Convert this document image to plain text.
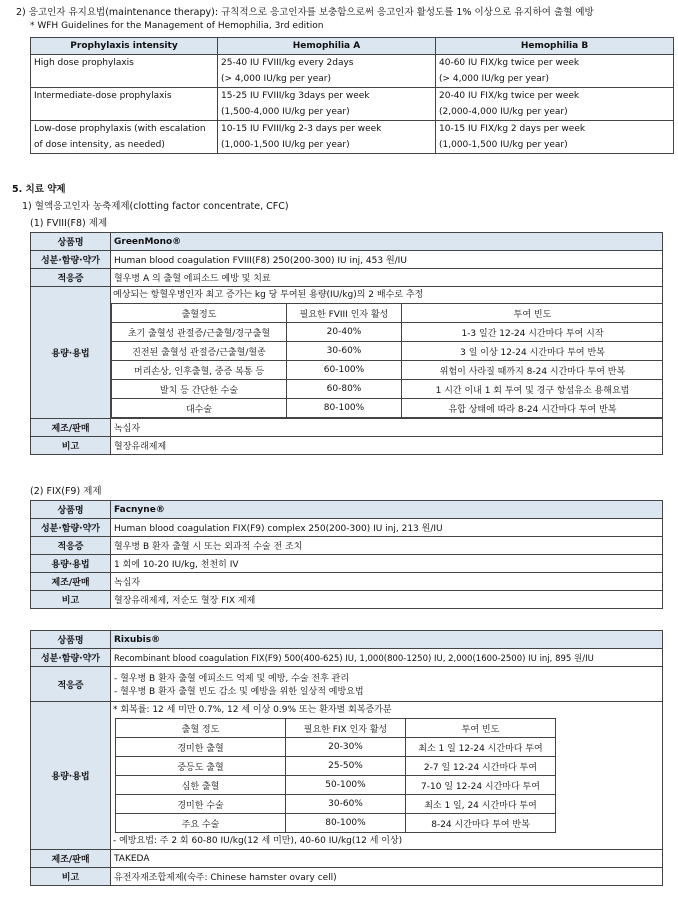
2) 응고인자 유지요법(maintenance therapy): 규칙적으로 응고인자를 보충함으로써 응고인자 활성도를 1% 이상으로 유지하여 출혈 예방
* WFH Guidelines for the Management of Hemophilia, 3rd edition
Prophylaxis intensity	Hemophilia A	Hemophilia B
High dose prophylaxis	25-40 IU FVIII/kg every 2days	40-60 IU FIX/kg twice per week
	(> 4,000 IU/kg per year)	(> 4,000 IU/kg per year)
Intermediate-dose prophylaxis	15-25 IU FVIII/kg 3days per week	20-40 IU FIX/kg twice per week
	(1,500-4,000 IU/kg per year)	(2,000-4,000 IU/kg per year)
Low-dose prophylaxis (with escalation	10-15 IU FVIII/kg 2-3 days per week	10-15 IU FIX/kg 2 days per week
of dose intensity, as needed)	(1,000-1,500 IU/kg per year)	(1,000-1,500 IU/kg per year)
5. 치료 약제
1) 혈액응고인자 농축제제(clotting factor concentrate, CFC)
(1) FVIII(F8) 제제
상품명	GreenMono®
성분·함량·약가	Human blood coagulation FVIII(F8) 250(200-300) IU inj, 453 원/IU
적응증	혈우병 A 의 출혈 에피소드 예방 및 치료
용량·용법	
예상되는 항혈우병인자 최고 증가는 kg 당 투여된 용량(IU/kg)의 2 배수로 추정
출혈정도	필요한 FVIII 인자 활성	투여 빈도
초기 출혈성 관절증/근출혈/경구출혈	20-40%	1-3 일간 12-24 시간마다 투여 시작
진전된 출혈성 관절증/근출혈/혈종	30-60%	3 일 이상 12-24 시간마다 투여 반복
머리손상, 인후출혈, 중증 복통 등	60-100%	위험이 사라질 때까지 8-24 시간마다 투여 반복
발치 등 간단한 수술	60-80%	1 시간 이내 1 회 투여 및 경구 항섬유소 용해요법
대수술	80-100%	유합 상태에 따라 8-24 시간마다 투여 반복

제조/판매	녹십자
비고	혈장유래제제
(2) FIX(F9) 제제
상품명	Facnyne®
성분·함량·약가	Human blood coagulation FIX(F9) complex 250(200-300) IU inj, 213 원/IU
적응증	혈우병 B 환자 출혈 시 또는 외과적 수술 전 조치
용량·용법	1 회에 10-20 IU/kg, 천천히 IV
제조/판매	녹십자
비고	혈장유래제제, 저순도 혈장 FIX 제제
상품명	Rixubis®
성분·함량·약가	Recombinant blood coagulation FIX(F9) 500(400-625) IU, 1,000(800-1250) IU, 2,000(1600-2500) IU inj, 895 원/IU
적응증	
- 혈우병 B 환자 출혈 에피소드 억제 및 예방, 수술 전후 관리
- 혈우병 B 환자 출혈 빈도 감소 및 예방을 위한 일상적 예방요법

용량·용법	
* 회복률: 12 세 미만 0.7%, 12 세 이상 0.9% 또는 환자별 회복증가분
출혈 정도	필요한 FIX 인자 활성	투여 빈도
경미한 출혈	20-30%	최소 1 일 12-24 시간마다 투여
중등도 출혈	25-50%	2-7 일 12-24 시간마다 투여
심한 출혈	50-100%	7-10 일 12-24 시간마다 투여
경미한 수술	30-60%	최소 1 일, 24 시간마다 투여
주요 수술	80-100%	8-24 시간마다 투여 반복
- 예방요법: 주 2 회 60-80 IU/kg(12 세 미만), 40-60 IU/kg(12 세 이상)

제조/판매	TAKEDA
비고	유전자재조합제제(숙주: Chinese hamster ovary cell)
